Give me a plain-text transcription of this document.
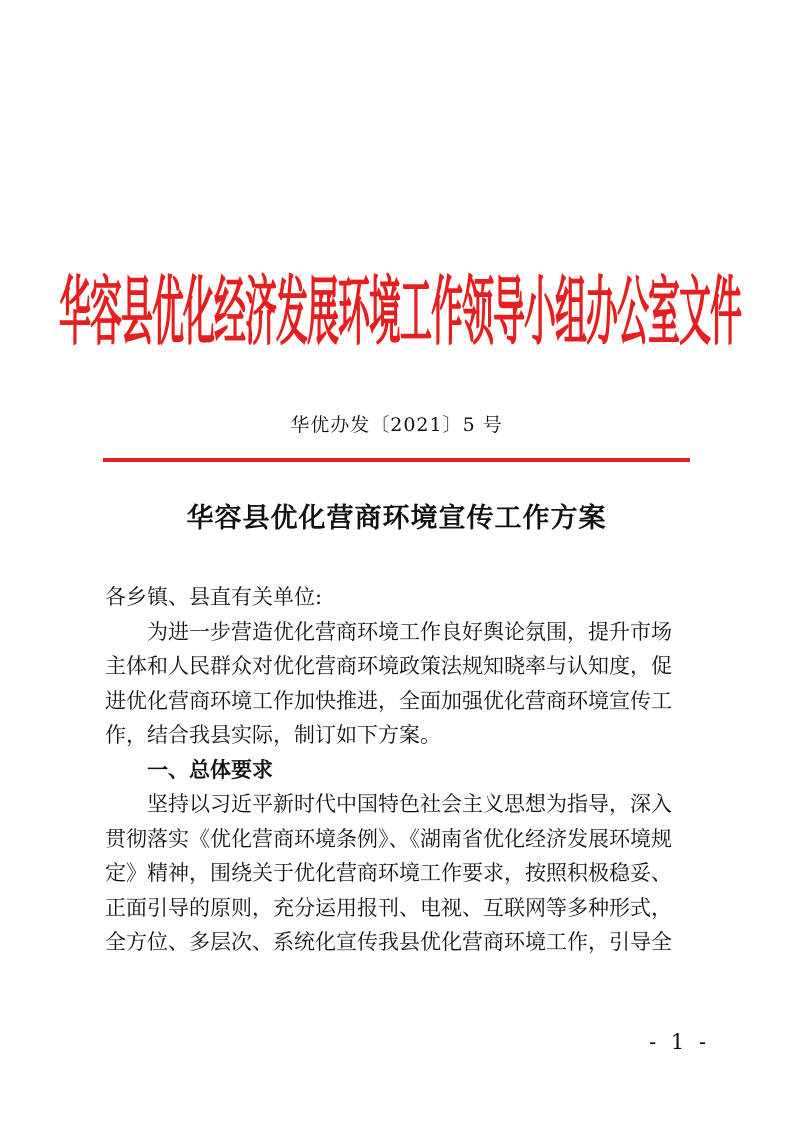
华容县优化经济发展环境工作领导小组办公室文件
华优办发〔2021〕5 号
华容县优化营商环境宣传工作方案

各乡镇、县直有关单位:

为进一步营造优化营商环境工作良好舆论氛围，提升市场

主体和人民群众对优化营商环境政策法规知晓率与认知度，促

进优化营商环境工作加快推进，全面加强优化营商环境宣传工

作，结合我县实际，制订如下方案。

一、总体要求

坚持以习近平新时代中国特色社会主义思想为指导，深入

贯彻落实《优化营商环境条例》、《湖南省优化经济发展环境规

定》精神，围绕关于优化营商环境工作要求，按照积极稳妥、

正面引导的原则，充分运用报刊、电视、互联网等多种形式，

全方位、多层次、系统化宣传我县优化营商环境工作，引导全

- 1 -
